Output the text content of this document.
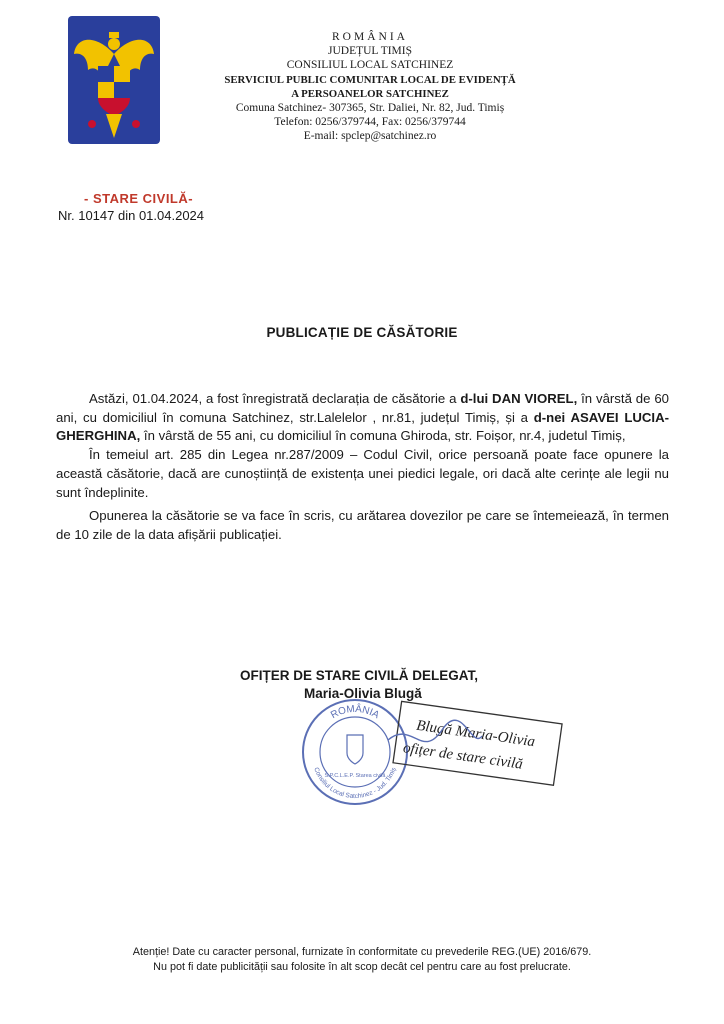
ROMÂNIA
JUDEȚUL TIMIȘ
CONSILIUL LOCAL SATCHINEZ
SERVICIUL PUBLIC COMUNITAR LOCAL DE EVIDENȚĂ
A PERSOANELOR SATCHINEZ
Comuna Satchinez- 307365, Str. Daliei, Nr. 82, Jud. Timiș
Telefon: 0256/379744, Fax: 0256/379744
E-mail: spclep@satchinez.ro
- STARE CIVILĂ-
Nr. 10147 din 01.04.2024
PUBLICAȚIE DE CĂSĂTORIE

Astăzi, 01.04.2024, a fost înregistrată declarația de căsătorie a d-lui DAN VIOREL, în vârstă de 60 ani, cu domiciliul în comuna Satchinez, str.Lalelelor , nr.81, județul Timiș, și a d-nei ASAVEI LUCIA-GHERGHINA, în vârstă de 55 ani, cu domiciliul în comuna Ghiroda, str. Foișor, nr.4, judetul Timiș,

În temeiul art. 285 din Legea nr.287/2009 – Codul Civil, orice persoană poate face opunere la această căsătorie, dacă are cunoștiință de existența unei piedici legale, ori dacă alte cerințe ale legii nu sunt îndeplinite.

Opunerea la căsătorie se va face în scris, cu arătarea dovezilor pe care se întemeiează, în termen de 10 zile de la data afișării publicației.

OFIȚER DE STARE CIVILĂ DELEGAT,
Maria-Olivia Blugă
ROMÂNIA
Consiliul Local Satchinez - Jud. Timiș
S.P.C.L.E.P. Starea civilă
Blugă Maria-Olivia
ofițer de stare civilă
Atenție! Date cu caracter personal, furnizate în conformitate cu prevederile REG.(UE) 2016/679.
Nu pot fi date publicității sau folosite în alt scop decât cel pentru care au fost prelucrate.
